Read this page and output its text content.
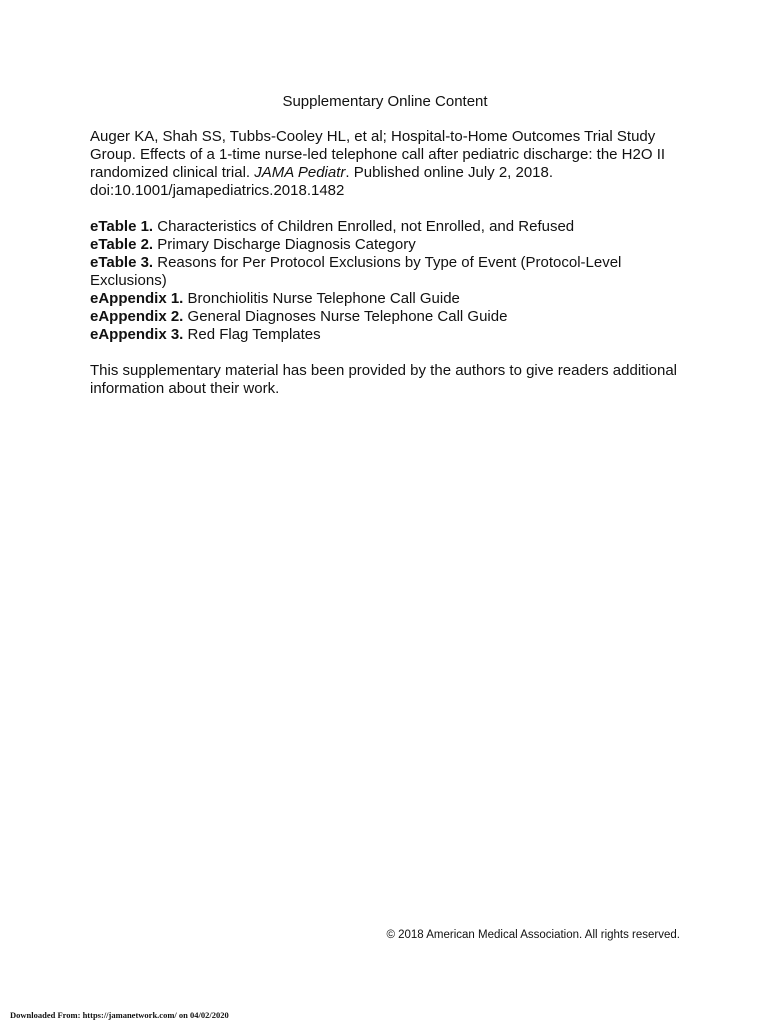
Supplementary Online Content
Auger KA, Shah SS, Tubbs-Cooley HL, et al; Hospital-to-Home Outcomes Trial Study Group. Effects of a 1-time nurse-led telephone call after pediatric discharge: the H2O II randomized clinical trial. JAMA Pediatr. Published online July 2, 2018. doi:10.1001/jamapediatrics.2018.1482
eTable 1. Characteristics of Children Enrolled, not Enrolled, and Refused
eTable 2. Primary Discharge Diagnosis Category
eTable 3. Reasons for Per Protocol Exclusions by Type of Event (Protocol-Level Exclusions)
eAppendix 1. Bronchiolitis Nurse Telephone Call Guide
eAppendix 2. General Diagnoses Nurse Telephone Call Guide
eAppendix 3. Red Flag Templates
This supplementary material has been provided by the authors to give readers additional information about their work.
© 2018 American Medical Association. All rights reserved.
Downloaded From: https://jamanetwork.com/ on 04/02/2020
